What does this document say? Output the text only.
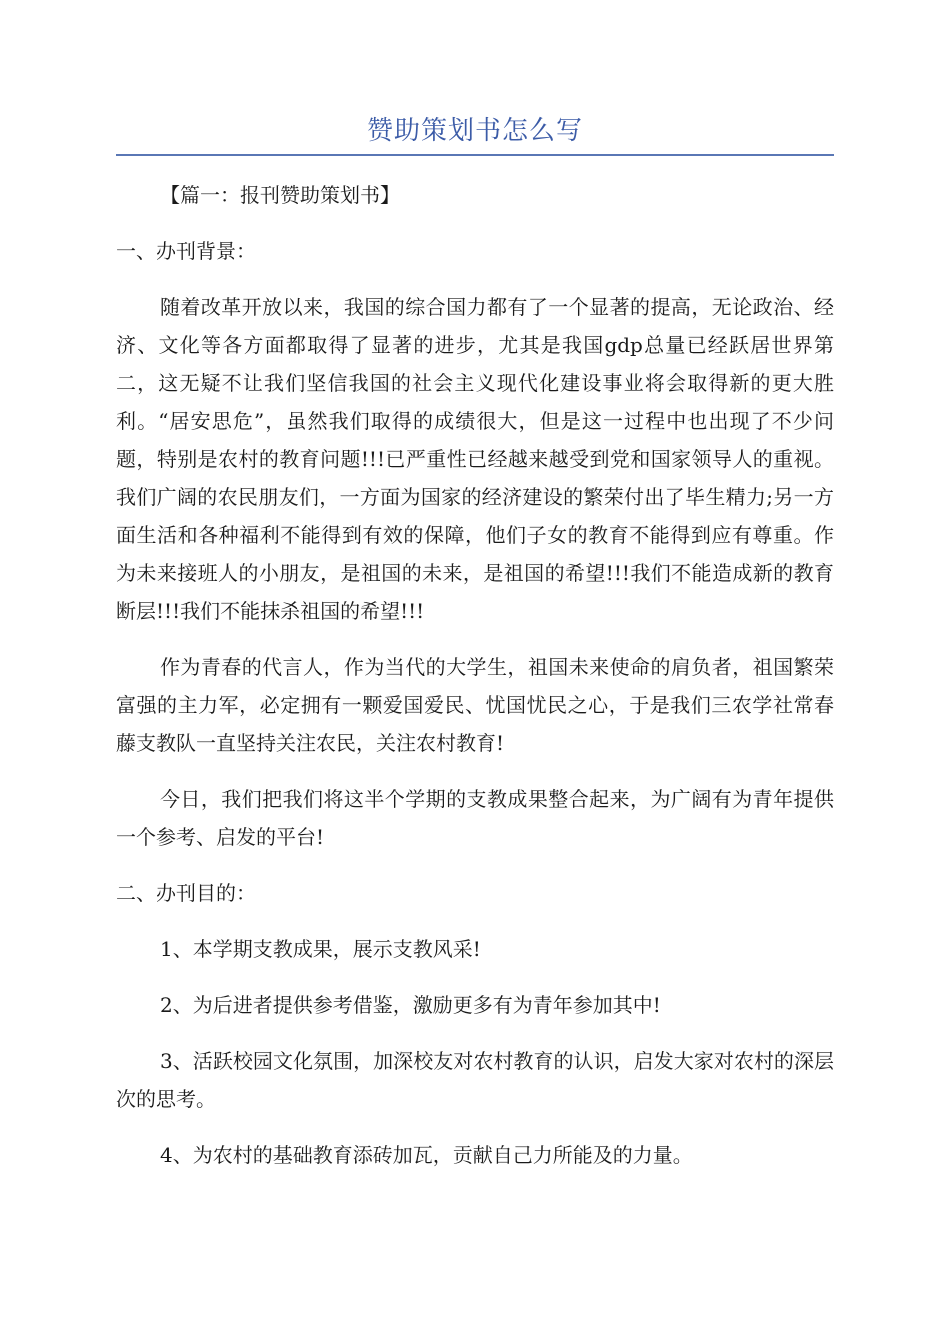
赞助策划书怎么写

【篇一：报刊赞助策划书】

一、办刊背景：

随着改革开放以来，我国的综合国力都有了一个显著的提高，无论政治、经济、文化等各方面都取得了显著的进步，尤其是我国gdp总量已经跃居世界第二，这无疑不让我们坚信我国的社会主义现代化建设事业将会取得新的更大胜利。“居安思危”，虽然我们取得的成绩很大，但是这一过程中也出现了不少问题，特别是农村的教育问题!!!已严重性已经越来越受到党和国家领导人的重视。我们广阔的农民朋友们，一方面为国家的经济建设的繁荣付出了毕生精力;另一方面生活和各种福利不能得到有效的保障，他们子女的教育不能得到应有尊重。作为未来接班人的小朋友，是祖国的未来，是祖国的希望!!!我们不能造成新的教育断层!!!我们不能抹杀祖国的希望!!!

作为青春的代言人，作为当代的大学生，祖国未来使命的肩负者，祖国繁荣富强的主力军，必定拥有一颗爱国爱民、忧国忧民之心，于是我们三农学社常春藤支教队一直坚持关注农民，关注农村教育!

今日，我们把我们将这半个学期的支教成果整合起来，为广阔有为青年提供一个参考、启发的平台!

二、办刊目的：

1、本学期支教成果，展示支教风采!

2、为后进者提供参考借鉴，激励更多有为青年参加其中!

3、活跃校园文化氛围，加深校友对农村教育的认识，启发大家对农村的深层次的思考。

4、为农村的基础教育添砖加瓦，贡献自己力所能及的力量。
